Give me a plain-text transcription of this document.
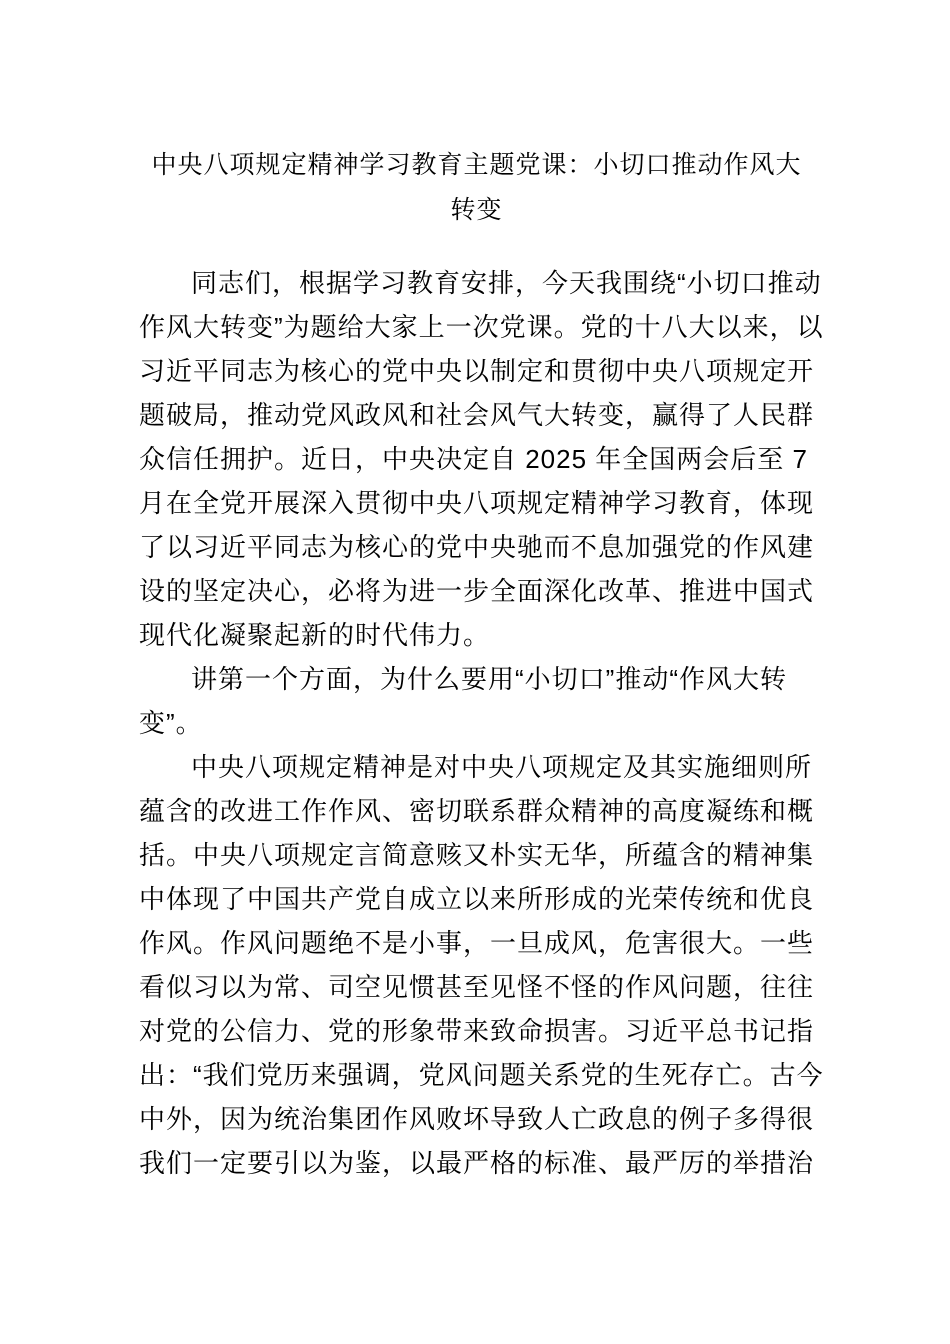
中央八项规定精神学习教育主题党课：小切口推动作风大
转变
同志们，根据学习教育安排，今天我围绕“小切口推动
作风大转变”为题给大家上一次党课。党的十八大以来，以
习近平同志为核心的党中央以制定和贯彻中央八项规定开
题破局，推动党风政风和社会风气大转变，赢得了人民群
众信任拥护。近日，中央决定自 2025 年全国两会后至 7
月在全党开展深入贯彻中央八项规定精神学习教育，体现
了以习近平同志为核心的党中央驰而不息加强党的作风建
设的坚定决心，必将为进一步全面深化改革、推进中国式
现代化凝聚起新的时代伟力。
讲第一个方面，为什么要用“小切口”推动“作风大转
变”。
中央八项规定精神是对中央八项规定及其实施细则所
蕴含的改进工作作风、密切联系群众精神的高度凝练和概
括。中央八项规定言简意赅又朴实无华，所蕴含的精神集
中体现了中国共产党自成立以来所形成的光荣传统和优良
作风。作风问题绝不是小事，一旦成风，危害很大。一些
看似习以为常、司空见惯甚至见怪不怪的作风问题，往往
对党的公信力、党的形象带来致命损害。习近平总书记指
出：“我们党历来强调，党风问题关系党的生死存亡。古今
中外，因为统治集团作风败坏导致人亡政息的例子多得很
我们一定要引以为鉴，以最严格的标准、最严厉的举措治
